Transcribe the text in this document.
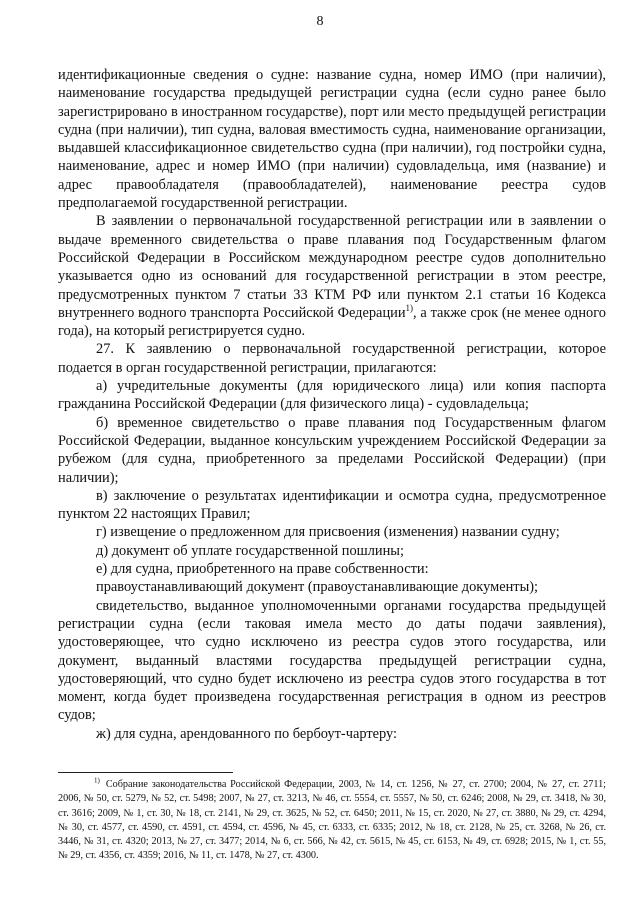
8

идентификационные сведения о судне: название судна, номер ИМО (при наличии), наименование государства предыдущей регистрации судна (если судно ранее было зарегистрировано в иностранном государстве), порт или место предыдущей регистрации судна (при наличии), тип судна, валовая вместимость судна, наименование организации, выдавшей классификационное свидетельство судна (при наличии), год постройки судна, наименование, адрес и номер ИМО (при наличии) судовладельца, имя (название) и адрес правообладателя (правообладателей), наименование реестра судов предполагаемой государственной регистрации.

В заявлении о первоначальной государственной регистрации или в заявлении о выдаче временного свидетельства о праве плавания под Государственным флагом Российской Федерации в Российском международном реестре судов дополнительно указывается одно из оснований для государственной регистрации в этом реестре, предусмотренных пунктом 7 статьи 33 КТМ РФ или пунктом 2.1 статьи 16 Кодекса внутреннего водного транспорта Российской Федерации$^{1)}$, а также срок (не менее одного года), на который регистрируется судно.

27. К заявлению о первоначальной государственной регистрации, которое подается в орган государственной регистрации, прилагаются:

а) учредительные документы (для юридического лица) или копия паспорта гражданина Российской Федерации (для физического лица) - судовладельца;

б) временное свидетельство о праве плавания под Государственным флагом Российской Федерации, выданное консульским учреждением Российской Федерации за рубежом (для судна, приобретенного за пределами Российской Федерации) (при наличии);

в) заключение о результатах идентификации и осмотра судна, предусмотренное пунктом 22 настоящих Правил;

г) извещение о предложенном для присвоения (изменения) названии судну;

д) документ об уплате государственной пошлины;

е) для судна, приобретенного на праве собственности:

правоустанавливающий документ (правоустанавливающие документы);

свидетельство, выданное уполномоченными органами государства предыдущей регистрации судна (если таковая имела место до даты подачи заявления), удостоверяющее, что судно исключено из реестра судов этого государства, или документ, выданный властями государства предыдущей регистрации судна, удостоверяющий, что судно будет исключено из реестра судов этого государства в тот момент, когда будет произведена государственная регистрация в одном из реестров судов;

ж) для судна, арендованного по бербоут-чартеру:

$^{1)}$ Собрание законодательства Российской Федерации, 2003, № 14, ст. 1256, № 27, ст. 2700; 2004, № 27, ст. 2711; 2006, № 50, ст. 5279, № 52, ст. 5498; 2007, № 27, ст. 3213, № 46, ст. 5554, ст. 5557, № 50, ст. 6246; 2008, № 29, ст. 3418, № 30, ст. 3616; 2009, № 1, ст. 30, № 18, ст. 2141, № 29, ст. 3625, № 52, ст. 6450; 2011, № 15, ст. 2020, № 27, ст. 3880, № 29, ст. 4294, № 30, ст. 4577, ст. 4590, ст. 4591, ст. 4594, ст. 4596, № 45, ст. 6333, ст. 6335; 2012, № 18, ст. 2128, № 25, ст. 3268, № 26, ст. 3446, № 31, ст. 4320; 2013, № 27, ст. 3477; 2014, № 6, ст. 566, № 42, ст. 5615, № 45, ст. 6153, № 49, ст. 6928; 2015, № 1, ст. 55, № 29, ст. 4356, ст. 4359; 2016, № 11, ст. 1478, № 27, ст. 4300.
